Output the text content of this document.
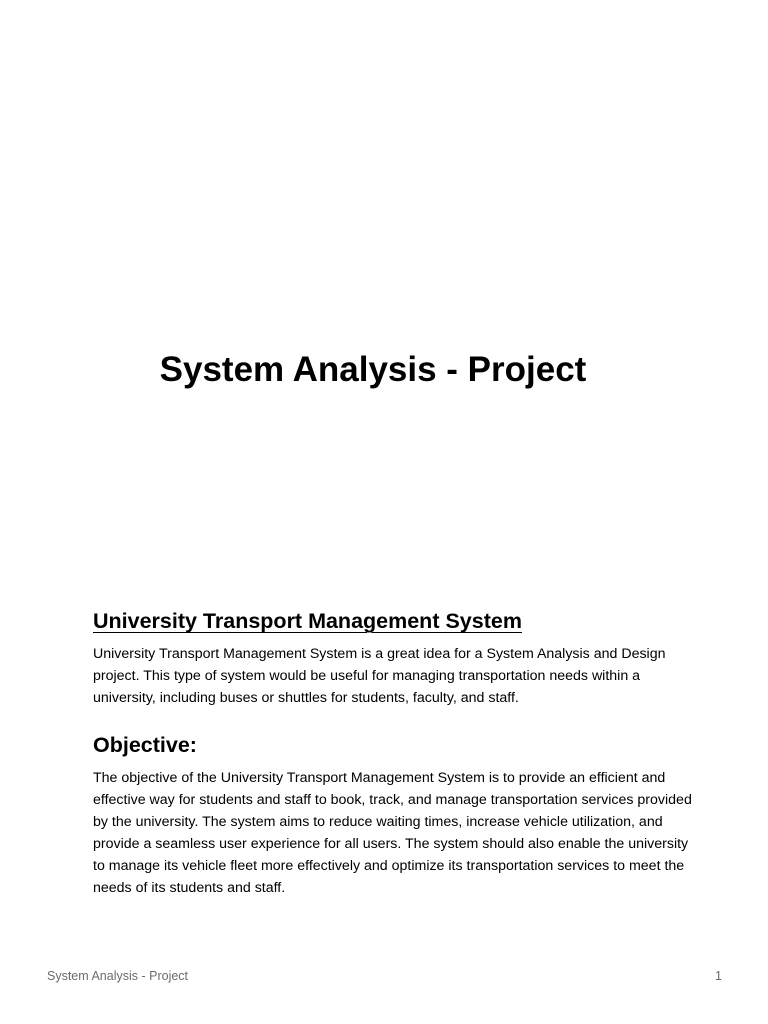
System Analysis - Project
University Transport Management System

University Transport Management System is a great idea for a System Analysis and Design project. This type of system would be useful for managing transportation needs within a university, including buses or shuttles for students, faculty, and staff.

Objective:

The objective of the University Transport Management System is to provide an efficient and effective way for students and staff to book, track, and manage transportation services provided by the university. The system aims to reduce waiting times, increase vehicle utilization, and provide a seamless user experience for all users. The system should also enable the university to manage its vehicle fleet more effectively and optimize its transportation services to meet the needs of its students and staff.

System Analysis - Project	1
